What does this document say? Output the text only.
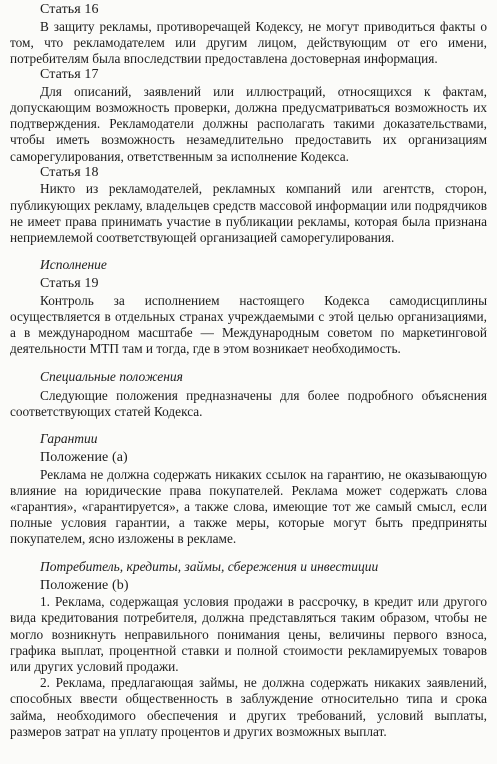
Статья 16

В защиту рекламы, противоречащей Кодексу, не могут приводиться факты о том, что рекламодателем или другим лицом, действующим от его имени, потребителям была впоследствии предоставлена достоверная информация.

Статья 17

Для описаний, заявлений или иллюстраций, относящихся к фактам, допускающим возможность проверки, должна предусматриваться возможность их подтверждения. Рекламодатели должны располагать такими доказательствами, чтобы иметь возможность незамедлительно предоставить их организациям саморегулирования, ответственным за исполнение Кодекса.

Статья 18

Никто из рекламодателей, рекламных компаний или агентств, сторон, публикующих рекламу, владельцев средств массовой информации или подрядчиков не имеет права принимать участие в публикации рекламы, которая была признана неприемлемой соответствующей организацией саморегулирования.

Исполнение
Статья 19

Контроль за исполнением настоящего Кодекса самодисциплины осуществляется в отдельных странах учреждаемыми с этой целью организациями, а в международном масштабе — Международным советом по маркетинговой деятельности МТП там и тогда, где в этом возникает необходимость.

Специальные положения

Следующие положения предназначены для более подробного объяснения соответствующих статей Кодекса.

Гарантии
Положение (а)

Реклама не должна содержать никаких ссылок на гарантию, не оказывающую влияние на юридические права покупателей. Реклама может содержать слова «гарантия», «гарантируется», а также слова, имеющие тот же самый смысл, если полные условия гарантии, а также меры, которые могут быть предприняты покупателем, ясно изложены в рекламе.

Потребитель, кредиты, займы, сбережения и инвестиции
Положение (b)

1. Реклама, содержащая условия продажи в рассрочку, в кредит или другого вида кредитования потребителя, должна представляться таким образом, чтобы не могло возникнуть неправильного понимания цены, величины первого взноса, графика выплат, процентной ставки и полной стоимости рекламируемых товаров или других условий продажи.

2. Реклама, предлагающая займы, не должна содержать никаких заявлений, способных ввести общественность в заблуждение относительно типа и срока займа, необходимого обеспечения и других требований, условий выплаты, размеров затрат на уплату процентов и других возможных выплат.
